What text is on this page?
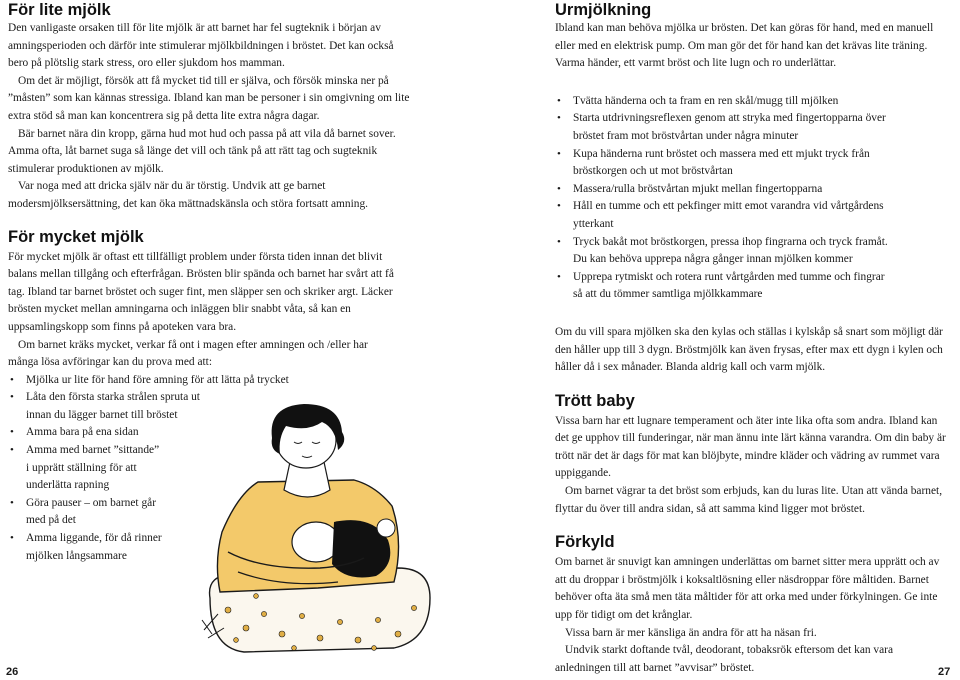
För lite mjölk

Den vanligaste orsaken till för lite mjölk är att barnet har fel sugteknik i början av amningsperioden och därför inte stimulerar mjölkbildningen i bröstet. Det kan också bero på plötslig stark stress, oro eller sjukdom hos mamman.

Om det är möjligt, försök att få mycket tid till er själva, och försök minska ner på ”måsten” som kan kännas stressiga. Ibland kan man be personer i sin omgivning om lite extra stöd så man kan koncentrera sig på detta lite extra några dagar.

Bär barnet nära din kropp, gärna hud mot hud och passa på att vila då barnet sover. Amma ofta, låt barnet suga så länge det vill och tänk på att rätt tag och sugteknik stimulerar produktionen av mjölk.

Var noga med att dricka själv när du är törstig. Undvik att ge barnet modersmjölksersättning, det kan öka mättnadskänsla och störa fortsatt amning.

För mycket mjölk

För mycket mjölk är oftast ett tillfälligt problem under första tiden innan det blivit balans mellan tillgång och efterfrågan. Brösten blir spända och barnet har svårt att få tag. Ibland tar barnet bröstet och suger fint, men släpper sen och skriker argt. Läcker brösten mycket mellan amningarna och inläggen blir snabbt våta, så kan en uppsamlingskopp som finns på apoteken vara bra.

Om barnet kräks mycket, verkar få ont i magen efter amningen och /eller har många lösa avföringar kan du prova med att:

• Mjölka ur lite för hand före amning för att lätta på trycket
• Låta den första starka strålen spruta ut
innan du lägger barnet till bröstet
• Amma bara på ena sidan
• Amma med barnet ”sittande”
i upprätt ställning för att
underlätta rapning
• Göra pauser – om barnet går
med på det
• Amma liggande, för då rinner
mjölken långsammare
26
Urmjölkning

Ibland kan man behöva mjölka ur brösten. Det kan göras för hand, med en manuell eller med en elektrisk pump. Om man gör det för hand kan det krävas lite träning. Varma händer, ett varmt bröst och lite lugn och ro underlättar.

• Tvätta händerna och ta fram en ren skål/mugg till mjölken
• Starta utdrivningsreflexen genom att stryka med fingertopparna över
bröstet fram mot bröstvårtan under några minuter
• Kupa händerna runt bröstet och massera med ett mjukt tryck från
bröstkorgen och ut mot bröstvårtan
• Massera/rulla bröstvårtan mjukt mellan fingertopparna
• Håll en tumme och ett pekfinger mitt emot varandra vid vårtgårdens
ytterkant
• Tryck bakåt mot bröstkorgen, pressa ihop fingrarna och tryck framåt.
Du kan behöva upprepa några gånger innan mjölken kommer
• Upprepa rytmiskt och rotera runt vårtgården med tumme och fingrar
så att du tömmer samtliga mjölkkammare

Om du vill spara mjölken ska den kylas och ställas i kylskåp så snart som möjligt där den håller upp till 3 dygn. Bröstmjölk kan även frysas, efter max ett dygn i kylen och håller då i sex månader. Blanda aldrig kall och varm mjölk.

Trött baby

Vissa barn har ett lugnare temperament och äter inte lika ofta som andra. Ibland kan det ge upphov till funderingar, när man ännu inte lärt känna varandra. Om din baby är trött när det är dags för mat kan blöjbyte, mindre kläder och vädring av rummet vara uppiggande.

Om barnet vägrar ta det bröst som erbjuds, kan du luras lite. Utan att vända barnet, flyttar du över till andra sidan, så att samma kind ligger mot bröstet.

Förkyld

Om barnet är snuvigt kan amningen underlättas om barnet sitter mera upprätt och av att du droppar i bröstmjölk i koksaltlösning eller näsdroppar före måltiden. Barnet behöver ofta äta små men täta måltider för att orka med under förkylningen. Ge inte upp för tidigt om det krånglar.

Vissa barn är mer känsliga än andra för att ha näsan fri.

Undvik starkt doftande tvål, deodorant, tobaksrök eftersom det kan vara anledningen till att barnet ”avvisar” bröstet.	27
